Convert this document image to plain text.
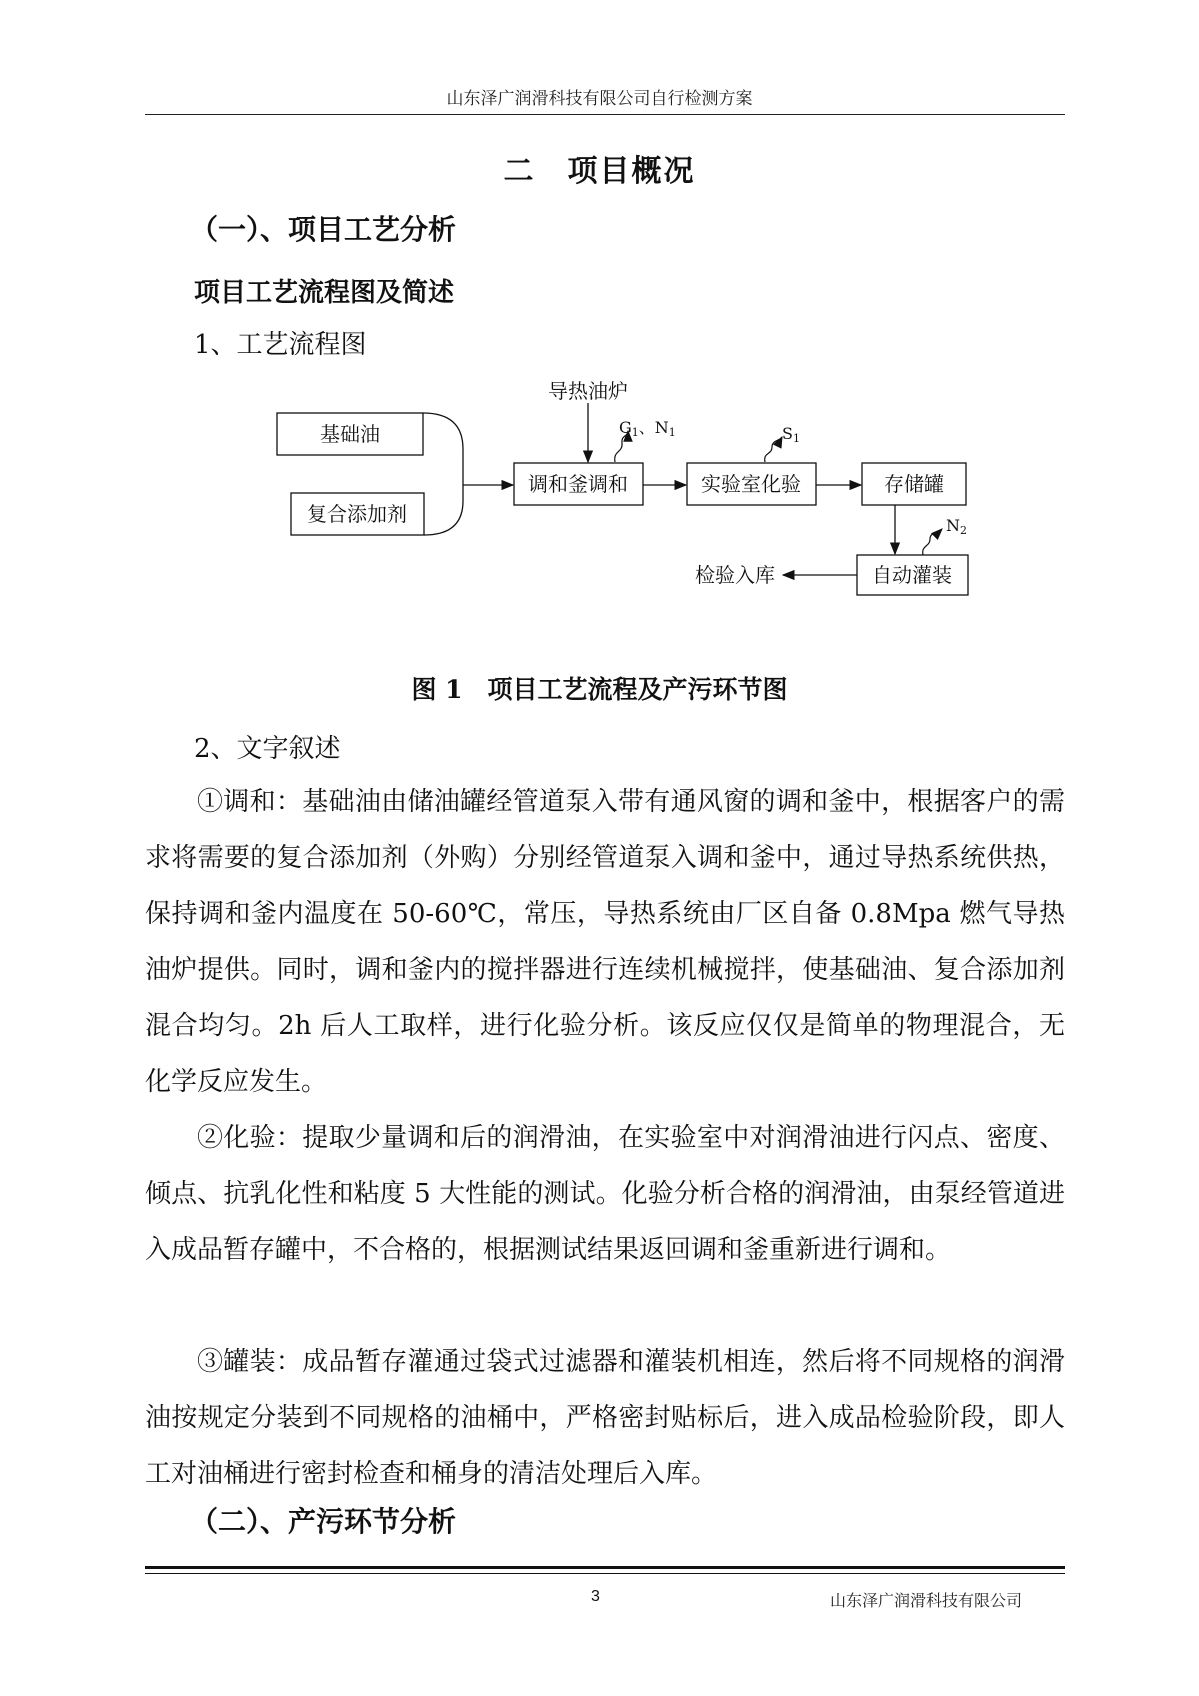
山东泽广润滑科技有限公司自行检测方案
二　项目概况
（一）、项目工艺分析
项目工艺流程图及简述
1、工艺流程图
基础油
复合添加剂
调和釜调和	实验室化验	存储罐
自动灌装
导热油炉
检验入库
G1、N1	S1
N2
图 1　项目工艺流程及产污环节图
2、文字叙述

①调和：基础油由储油罐经管道泵入带有通风窗的调和釜中，根据客户的需求将需要的复合添加剂（外购）分别经管道泵入调和釜中，通过导热系统供热，保持调和釜内温度在 50-60℃，常压，导热系统由厂区自备 0.8Mpa 燃气导热油炉提供。同时，调和釜内的搅拌器进行连续机械搅拌，使基础油、复合添加剂混合均匀。2h 后人工取样，进行化验分析。该反应仅仅是简单的物理混合，无化学反应发生。

②化验：提取少量调和后的润滑油，在实验室中对润滑油进行闪点、密度、倾点、抗乳化性和粘度 5 大性能的测试。化验分析合格的润滑油，由泵经管道进入成品暂存罐中，不合格的，根据测试结果返回调和釜重新进行调和。

③罐装：成品暂存灌通过袋式过滤器和灌装机相连，然后将不同规格的润滑油按规定分装到不同规格的油桶中，严格密封贴标后，进入成品检验阶段，即人工对油桶进行密封检查和桶身的清洁处理后入库。

（二）、产污环节分析
3	山东泽广润滑科技有限公司
